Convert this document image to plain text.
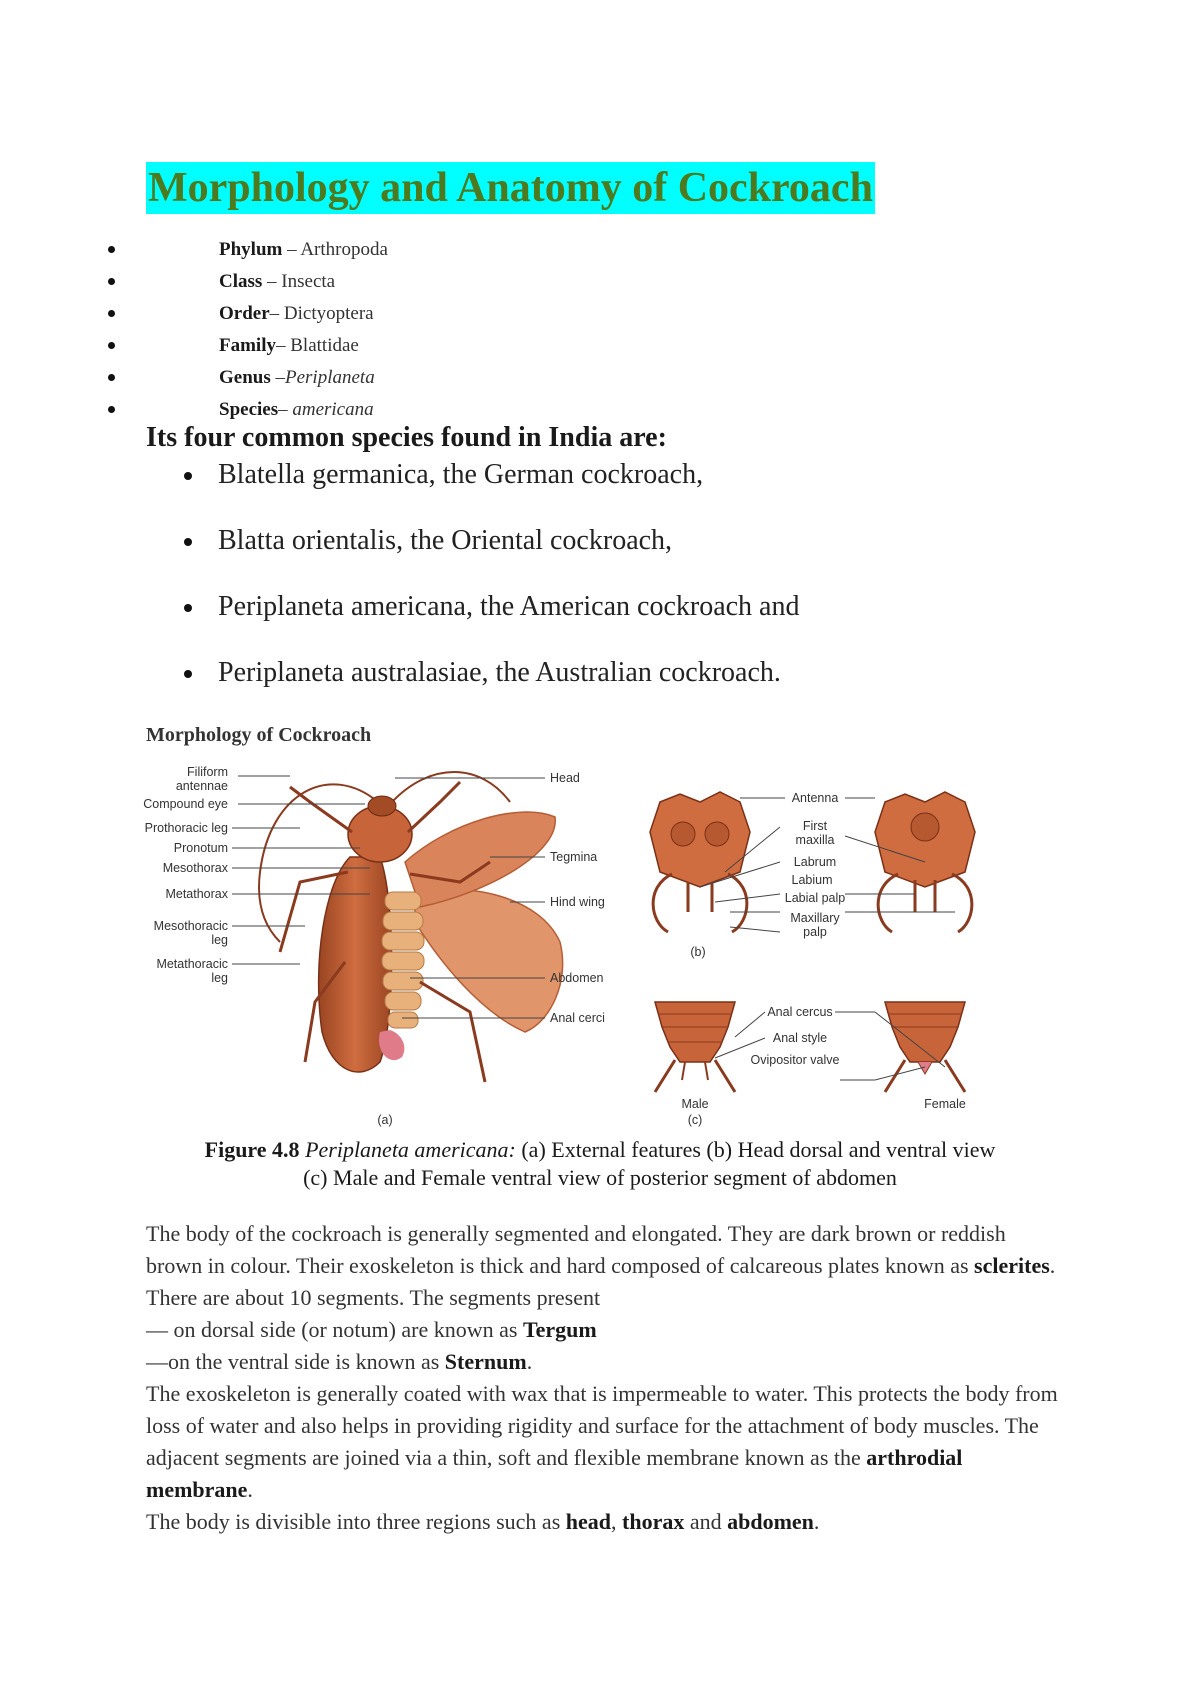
Morphology and Anatomy of Cockroach
Phylum – Arthropoda
Class – Insecta
Order– Dictyoptera
Family– Blattidae
Genus –Periplaneta
Species– americana
Its four common species found in India are:
Blatella germanica, the German cockroach,
Blatta orientalis, the Oriental cockroach,
Periplaneta americana, the American cockroach and
Periplaneta australasiae, the Australian cockroach.
Morphology of Cockroach
Filiform
antennae
Compound eye
Prothoracic leg
Pronotum
Mesothorax
Metathorax
Mesothoracic
leg
Metathoracic
leg
Head
Tegmina
Hind wing
Abdomen
Anal cerci
(a)
Antenna
First
maxilla
Labrum
Labium
Labial palp
Maxillary
palp
(b)
Anal cercus
Anal style
Ovipositor valve
Male	Female
(c)
Figure 4.8 Periplaneta americana: (a) External features (b) Head dorsal and ventral view
(c) Male and Female ventral view of posterior segment of abdomen

The body of the cockroach is generally segmented and elongated. They are dark brown or reddish brown in colour. Their exoskeleton is thick and hard composed of calcareous plates known as sclerites. There are about 10 segments. The segments present

— on dorsal side (or notum) are known as Tergum

—on the ventral side is known as Sternum.

The exoskeleton is generally coated with wax that is impermeable to water. This protects the body from loss of water and also helps in providing rigidity and surface for the attachment of body muscles. The adjacent segments are joined via a thin, soft and flexible membrane known as the arthrodial membrane.

The body is divisible into three regions such as head, thorax and abdomen.
